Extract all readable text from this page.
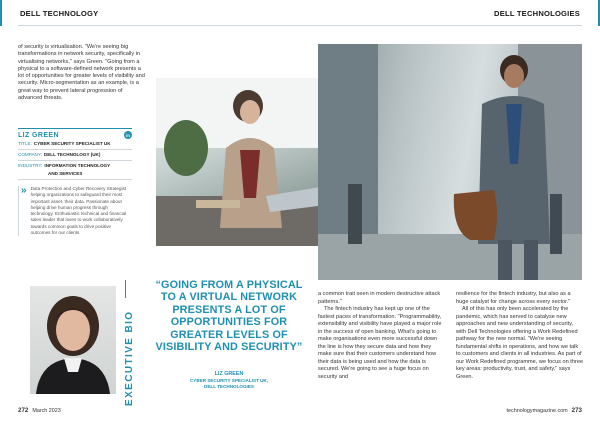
DELL TECHNOLOGY	DELL TECHNOLOGIES

of security is virtualisation. "We're seeing big transformations in network security, specifically in virtualising networks," says Green. "Going from a physical to a software-defined network presents a lot of opportunities for greater levels of visibility and security. Micro-segmentation as an example, is a great way to prevent lateral progression of advanced threats.

LIZ GREEN	in
TITLE: CYBER SECURITY SPECIALIST UK
COMPANY: DELL TECHNOLOGY (UK)
INDUSTRY: INFORMATION TECHNOLOGY
AND SERVICES
» Data Protection and Cyber Recovery Strategist helping organizations to safeguard their most important asset, their data. Passionate about helping drive human progress through technology. Enthusiastic technical and financial sales leader that loves to work collaboratively towards common goals to drive positive outcomes for our clients

EXECUTIVE BIO

“GOING FROM A PHYSICAL TO A VIRTUAL NETWORK PRESENTS A LOT OF OPPORTUNITIES FOR GREATER LEVELS OF VISIBILITY AND SECURITY”

LIZ GREEN

CYBER SECURITY SPECIALIST UK,

DELL TECHNOLOGIES

a common trait seen in modern destructive attack patterns."

The fintech industry has kept up one of the fastest paces of transformation. "Programmability, extensibility and visibility have played a major role in the success of open banking. What's going to make organisations even more successful down the line is how they secure data and how they make sure that their customers understand how their data is being used and how the data is secured. We're going to see a huge focus on security and

resilience for the fintech industry, but also as a huge catalyst for change across every sector."

All of this has only been accelerated by the pandemic, which has served to catalyse new approaches and new understanding of security, with Dell Technologies offering a Work Redefined pathway for the new normal. "We're seeing fundamental shifts in operations, and how we talk to customers and clients in all industries. As part of our Work Redefined programme, we focus on three key areas: productivity, trust, and safety," says Green.

272 March 2023	technologymagazine.com 273
